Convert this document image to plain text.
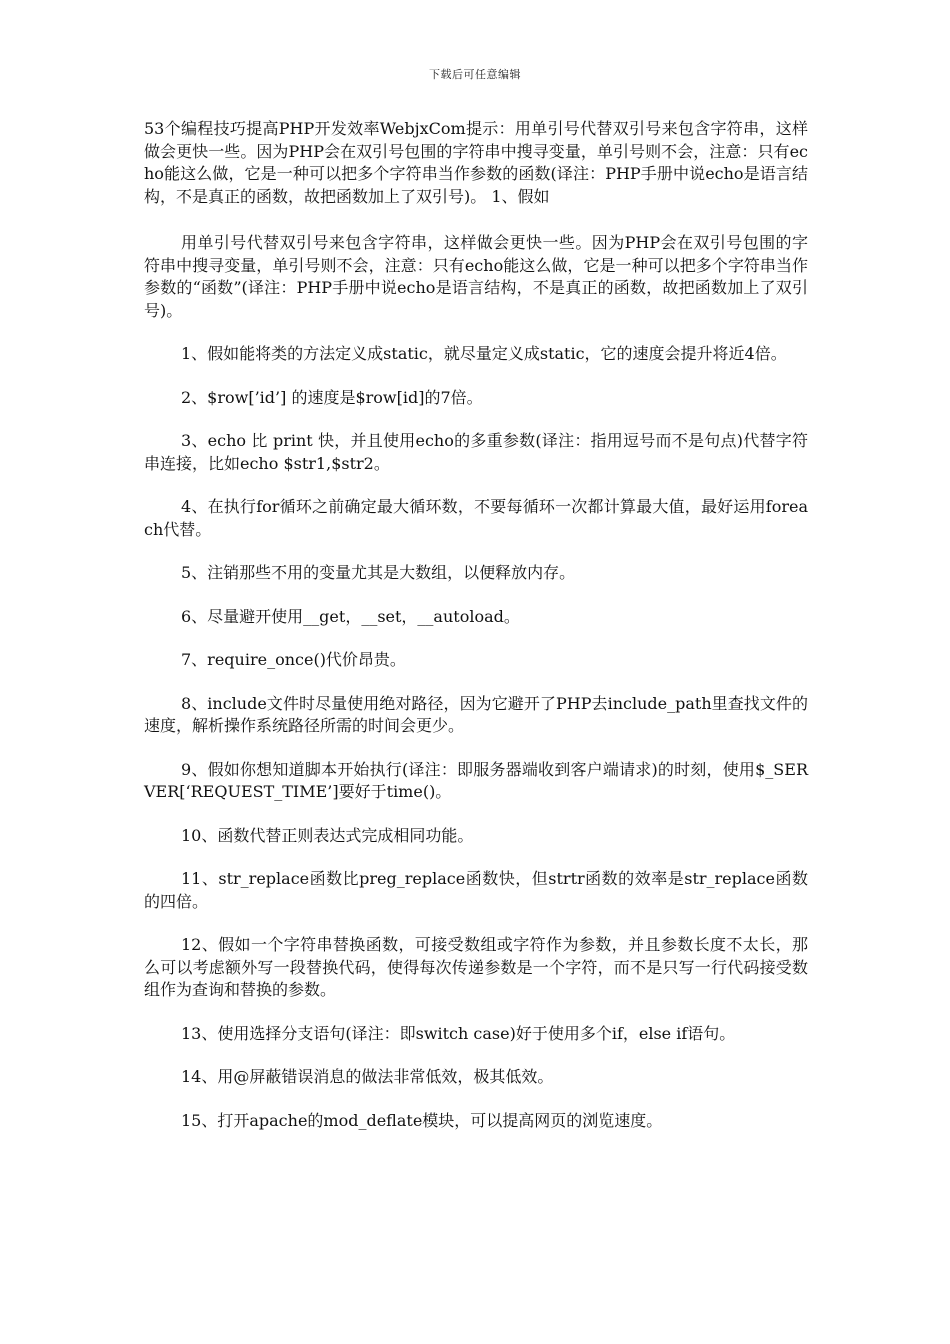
下载后可任意编辑

53个编程技巧提高PHP开发效率WebjxCom提示：用单引号代替双引号来包含字符串，这样做会更快一些。因为PHP会在双引号包围的字符串中搜寻变量，单引号则不会，注意：只有echo能这么做，它是一种可以把多个字符串当作参数的函数(译注：PHP手册中说echo是语言结构，不是真正的函数，故把函数加上了双引号)。 1、假如

用单引号代替双引号来包含字符串，这样做会更快一些。因为PHP会在双引号包围的字符串中搜寻变量，单引号则不会，注意：只有echo能这么做，它是一种可以把多个字符串当作参数的“函数”(译注：PHP手册中说echo是语言结构，不是真正的函数，故把函数加上了双引号)。

1、假如能将类的方法定义成static，就尽量定义成static，它的速度会提升将近4倍。

2、$row[’id’] 的速度是$row[id]的7倍。

3、echo 比 print 快，并且使用echo的多重参数(译注：指用逗号而不是句点)代替字符串连接，比如echo $str1,$str2。

4、在执行for循环之前确定最大循环数，不要每循环一次都计算最大值，最好运用foreach代替。

5、注销那些不用的变量尤其是大数组，以便释放内存。

6、尽量避开使用__get，__set，__autoload。

7、require_once()代价昂贵。

8、include文件时尽量使用绝对路径，因为它避开了PHP去include_path里查找文件的速度，解析操作系统路径所需的时间会更少。

9、假如你想知道脚本开始执行(译注：即服务器端收到客户端请求)的时刻，使用$_SERVER[‘REQUEST_TIME’]要好于time()。

10、函数代替正则表达式完成相同功能。

11、str_replace函数比preg_replace函数快，但strtr函数的效率是str_replace函数的四倍。

12、假如一个字符串替换函数，可接受数组或字符作为参数，并且参数长度不太长，那么可以考虑额外写一段替换代码，使得每次传递参数是一个字符，而不是只写一行代码接受数组作为查询和替换的参数。

13、使用选择分支语句(译注：即switch case)好于使用多个if，else if语句。

14、用@屏蔽错误消息的做法非常低效，极其低效。

15、打开apache的mod_deflate模块，可以提高网页的浏览速度。
